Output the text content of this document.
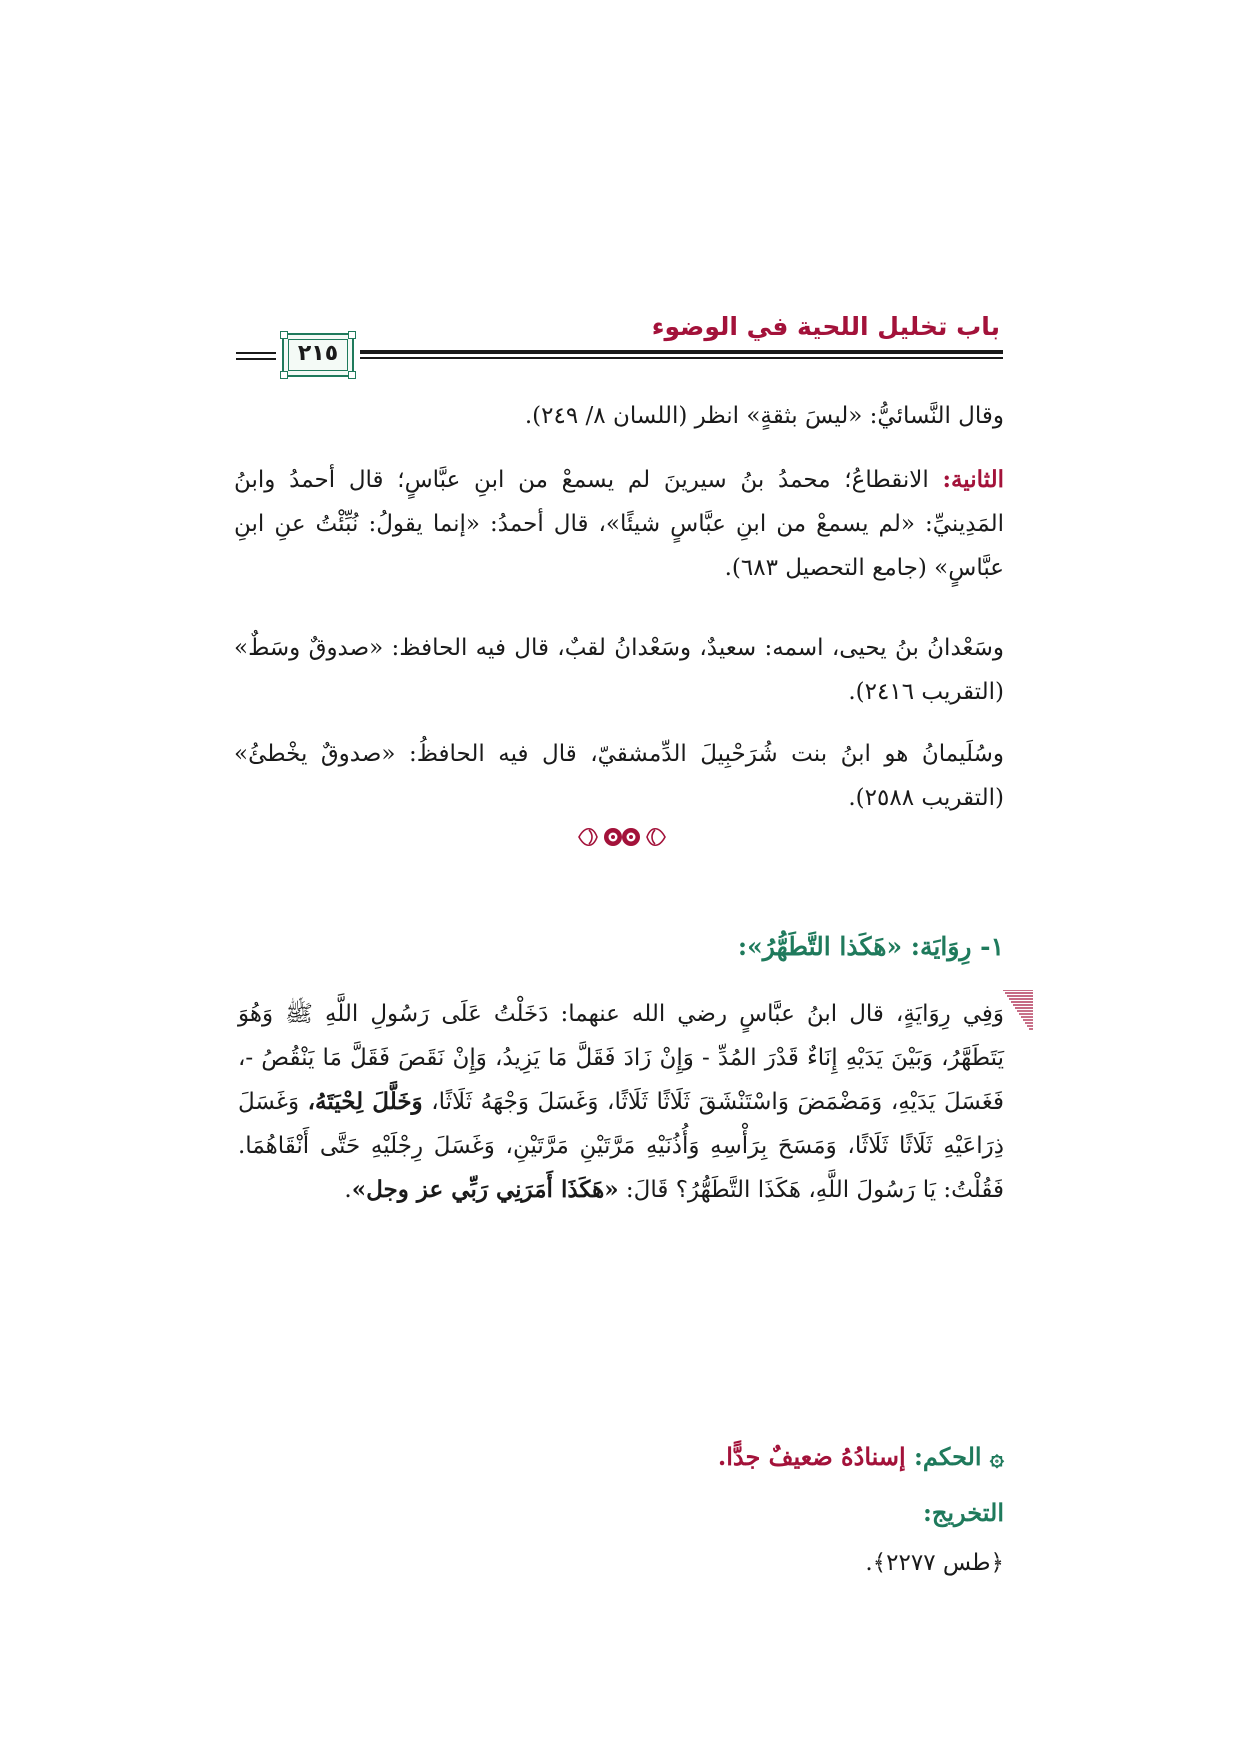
باب تخليل اللحية في الوضوء
٢١٥
وقال النَّسائيُّ: «ليسَ بثقةٍ» انظر (اللسان ٨/ ٢٤٩).
الثانية: الانقطاعُ؛ محمدُ بنُ سيرينَ لم يسمعْ من ابنِ عبَّاسٍ؛ قال أحمدُ وابنُ المَدِينيِّ: «لم يسمعْ من ابنِ عبَّاسٍ شيئًا»، قال أحمدُ: «إنما يقولُ: نُبِّئْتُ عنِ ابنِ عبَّاسٍ» (جامع التحصيل ٦٨٣).
وسَعْدانُ بنُ يحيى، اسمه: سعيدٌ، وسَعْدانُ لقبٌ، قال فيه الحافظ: «صدوقٌ وسَطٌ» (التقريب ٢٤١٦).
وسُلَيمانُ هو ابنُ بنت شُرَحْبِيلَ الدِّمشقيّ، قال فيه الحافظُ: «صدوقٌ يخْطئُ» (التقريب ٢٥٨٨).
١- رِوَايَة: «هَكَذا التَّطَهُّرُ»:
وَفِي رِوَايَةٍ، قال ابنُ عبَّاسٍ رضي الله عنهما: دَخَلْتُ عَلَى رَسُولِ اللَّهِ ﷺ وَهُوَ يَتَطَهَّرُ، وَبَيْنَ يَدَيْهِ إِنَاءٌ قَدْرَ المُدِّ - وَإِنْ زَادَ فَقَلَّ مَا يَزِيدُ، وَإِنْ نَقَصَ فَقَلَّ مَا يَنْقُصُ -، فَغَسَلَ يَدَيْهِ، وَمَضْمَضَ وَاسْتَنْشَقَ ثَلَاثًا ثَلَاثًا، وَغَسَلَ وَجْهَهُ ثَلَاثًا، وَخَلَّلَ لِحْيَتَهُ، وَغَسَلَ ذِرَاعَيْهِ ثَلَاثًا ثَلَاثًا، وَمَسَحَ بِرَأْسِهِ وَأُذُنَيْهِ مَرَّتَيْنِ مَرَّتَيْنِ، وَغَسَلَ رِجْلَيْهِ حَتَّى أَنْقَاهُمَا. فَقُلْتُ: يَا رَسُولَ اللَّهِ، هَكَذَا التَّطَهُّرُ؟ قَالَ: «هَكَذَا أَمَرَنِي رَبِّي عز وجل».
۞ الحكم: إسنادُهُ ضعيفٌ جدًّا.
التخريج:
﴿طس ٢٢٧٧﴾.
